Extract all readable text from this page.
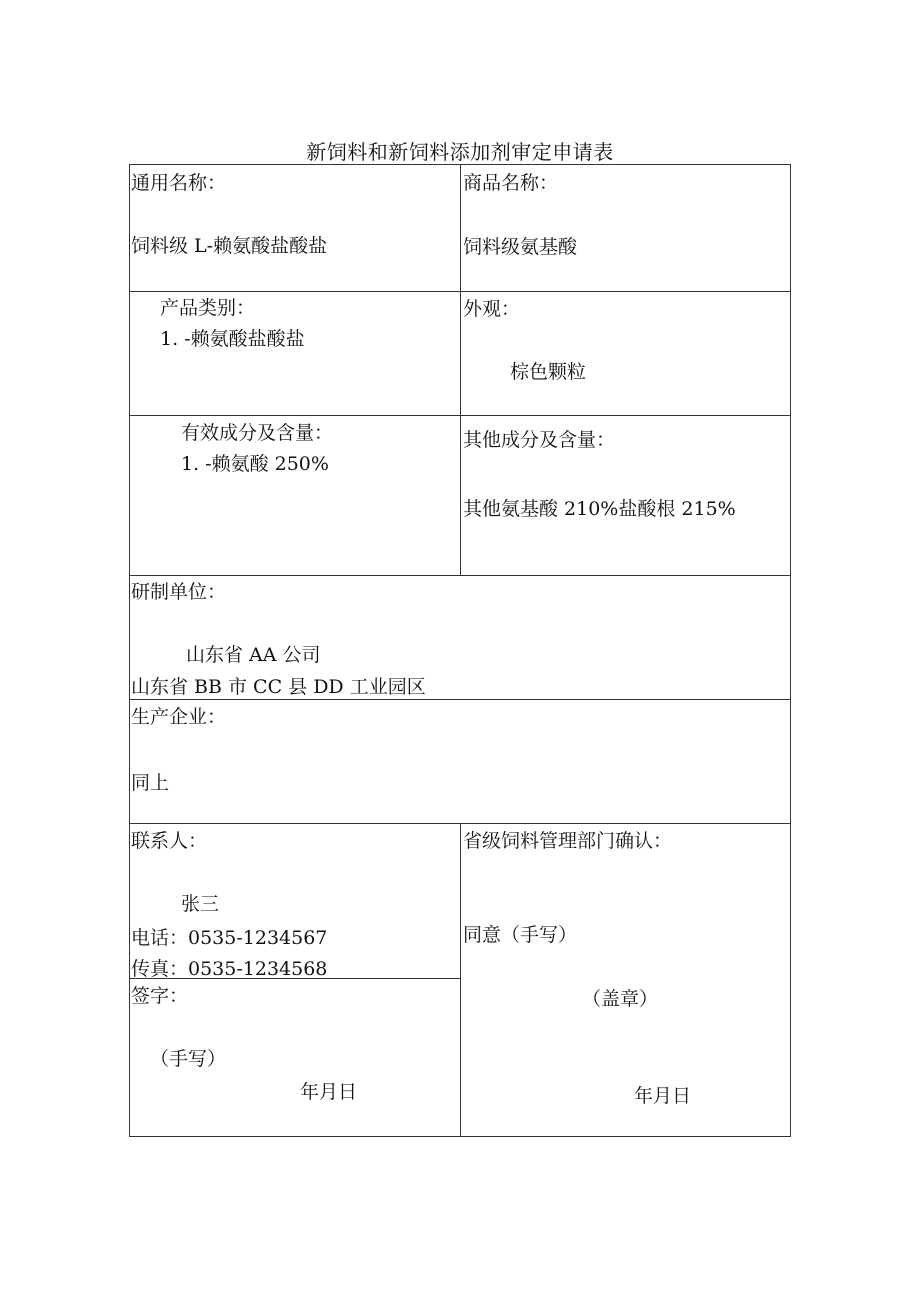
新饲料和新饲料添加剂审定申请表
通用名称：
饲料级 L-赖氨酸盐酸盐
商品名称：
饲料级氨基酸
产品类别：
1. -赖氨酸盐酸盐
外观：
棕色颗粒
有效成分及含量：
1. -赖氨酸 250%
其他成分及含量：
其他氨基酸 210%盐酸根 215%
研制单位：
山东省 AA 公司
山东省 BB 市 CC 县 DD 工业园区
生产企业：
同上
联系人：
张三
电话：0535-1234567
传真：0535-1234568
省级饲料管理部门确认：
同意（手写）
（盖章）
年月日
签字：
（手写）
年月日
